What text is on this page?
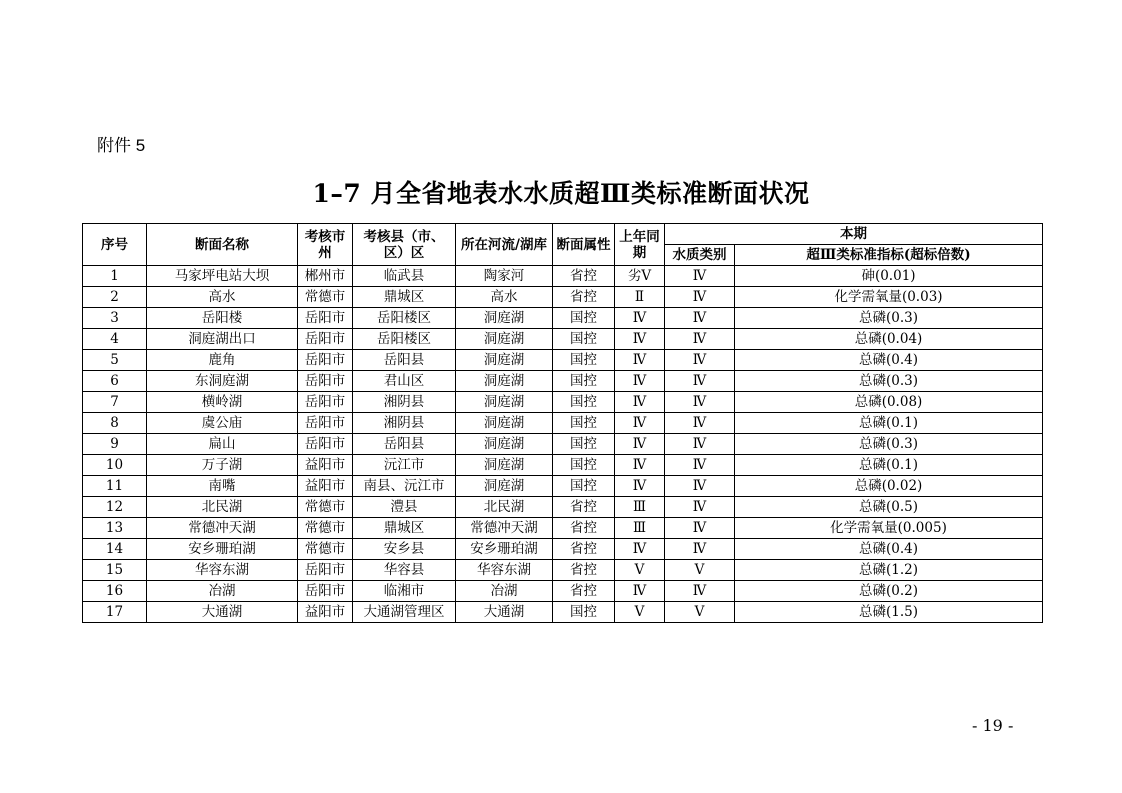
附件 5
1–7 月全省地表水水质超Ⅲ类标准断面状况
序号	断面名称	考核市州	考核县（市、区）区	所在河流/湖库	断面属性	上年同期	本期	
							水质类别	超Ⅲ类标准指标(超标倍数)
1	马家坪电站大坝	郴州市	临武县	陶家河	省控	劣Ⅴ	Ⅳ	砷(0.01)
2	高水	常德市	鼎城区	高水	省控	Ⅱ	Ⅳ	化学需氧量(0.03)
3	岳阳楼	岳阳市	岳阳楼区	洞庭湖	国控	Ⅳ	Ⅳ	总磷(0.3)
4	洞庭湖出口	岳阳市	岳阳楼区	洞庭湖	国控	Ⅳ	Ⅳ	总磷(0.04)
5	鹿角	岳阳市	岳阳县	洞庭湖	国控	Ⅳ	Ⅳ	总磷(0.4)
6	东洞庭湖	岳阳市	君山区	洞庭湖	国控	Ⅳ	Ⅳ	总磷(0.3)
7	横岭湖	岳阳市	湘阴县	洞庭湖	国控	Ⅳ	Ⅳ	总磷(0.08)
8	虞公庙	岳阳市	湘阴县	洞庭湖	国控	Ⅳ	Ⅳ	总磷(0.1)
9	扁山	岳阳市	岳阳县	洞庭湖	国控	Ⅳ	Ⅳ	总磷(0.3)
10	万子湖	益阳市	沅江市	洞庭湖	国控	Ⅳ	Ⅳ	总磷(0.1)
11	南嘴	益阳市	南县、沅江市	洞庭湖	国控	Ⅳ	Ⅳ	总磷(0.02)
12	北民湖	常德市	澧县	北民湖	省控	Ⅲ	Ⅳ	总磷(0.5)
13	常德冲天湖	常德市	鼎城区	常德冲天湖	省控	Ⅲ	Ⅳ	化学需氧量(0.005)
14	安乡珊珀湖	常德市	安乡县	安乡珊珀湖	省控	Ⅳ	Ⅳ	总磷(0.4)
15	华容东湖	岳阳市	华容县	华容东湖	省控	Ⅴ	Ⅴ	总磷(1.2)
16	冶湖	岳阳市	临湘市	冶湖	省控	Ⅳ	Ⅳ	总磷(0.2)
17	大通湖	益阳市	大通湖管理区	大通湖	国控	Ⅴ	Ⅴ	总磷(1.5)
- 19 -
